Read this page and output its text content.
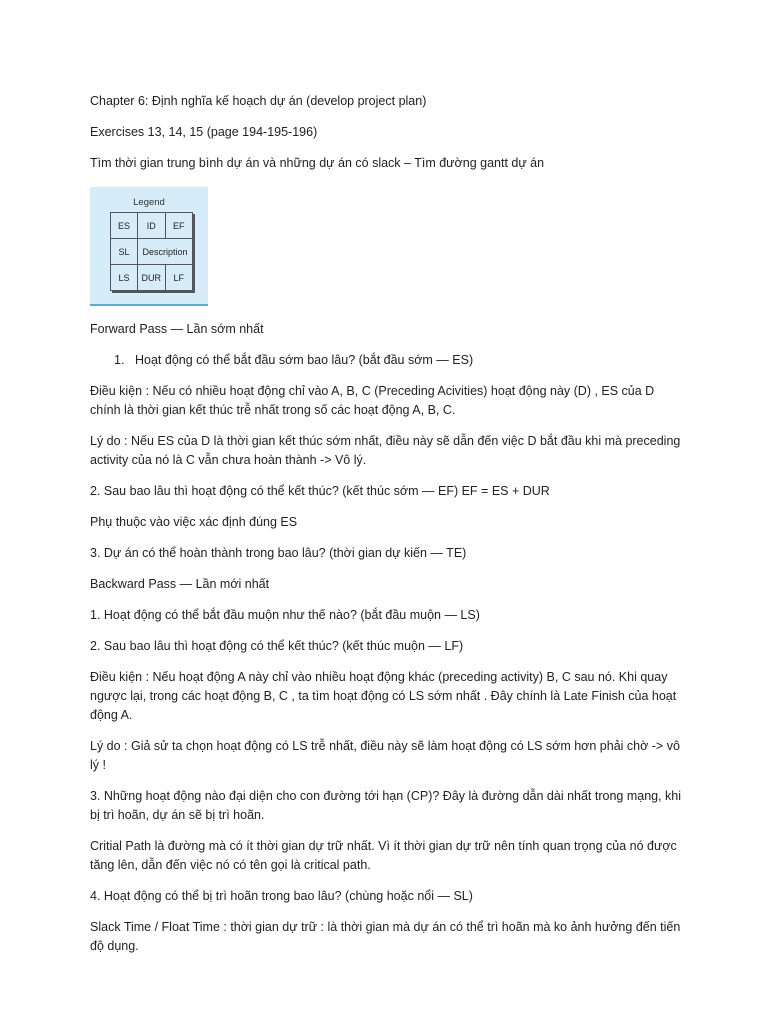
Chapter 6: Định nghĩa kế hoạch dự án (develop project plan)

Exercises 13, 14, 15 (page 194-195-196)

Tìm thời gian trung bình dự án và những dự án có slack – Tìm đường gantt dự án

Legend
ES	ID	EF
SL	Description	
LS	DUR	LF

Forward Pass — Lần sớm nhất

1. Hoạt động có thể bắt đầu sớm bao lâu? (bắt đầu sớm — ES)

Điều kiện : Nếu có nhiều hoạt động chỉ vào A, B, C (Preceding Acivities) hoạt động này (D) , ES của D chính là thời gian kết thúc trễ nhất trong số các hoạt động A, B, C.

Lý do : Nếu ES của D là thời gian kết thúc sớm nhất, điều này sẽ dẫn đến việc D bắt đầu khi mà preceding activity của nó là C vẫn chưa hoàn thành -> Vô lý.

2. Sau bao lâu thì hoạt động có thể kết thúc? (kết thúc sớm — EF) EF = ES + DUR

Phụ thuộc vào việc xác định đúng ES

3. Dự án có thể hoàn thành trong bao lâu? (thời gian dự kiến — TE)

Backward Pass — Lần mới nhất

1. Hoạt động có thể bắt đầu muộn như thế nào? (bắt đầu muộn — LS)

2. Sau bao lâu thì hoạt động có thể kết thúc? (kết thúc muộn — LF)

Điều kiện : Nếu hoạt động A này chỉ vào nhiều hoạt động khác (preceding activity) B, C sau nó. Khi quay ngược lại, trong các hoạt động B, C , ta tìm hoạt động có LS sớm nhất . Đây chính là Late Finish của hoạt động A.

Lý do : Giả sử ta chọn hoạt động có LS trễ nhất, điều này sẽ làm hoạt động có LS sớm hơn phải chờ -> vô lý !

3. Những hoạt động nào đại diện cho con đường tới hạn (CP)? Đây là đường dẫn dài nhất trong mạng, khi bị trì hoãn, dự án sẽ bị trì hoãn.

Critial Path là đường mà có ít thời gian dự trữ nhất. Vì ít thời gian dự trữ nên tính quan trọng của nó được tăng lên, dẫn đến việc nó có tên gọi là critical path.

4. Hoạt động có thể bị trì hoãn trong bao lâu? (chùng hoặc nổi — SL)

Slack Time / Float Time : thời gian dự trữ : là thời gian mà dự án có thể trì hoãn mà ko ảnh hưởng đến tiến độ dụng.
